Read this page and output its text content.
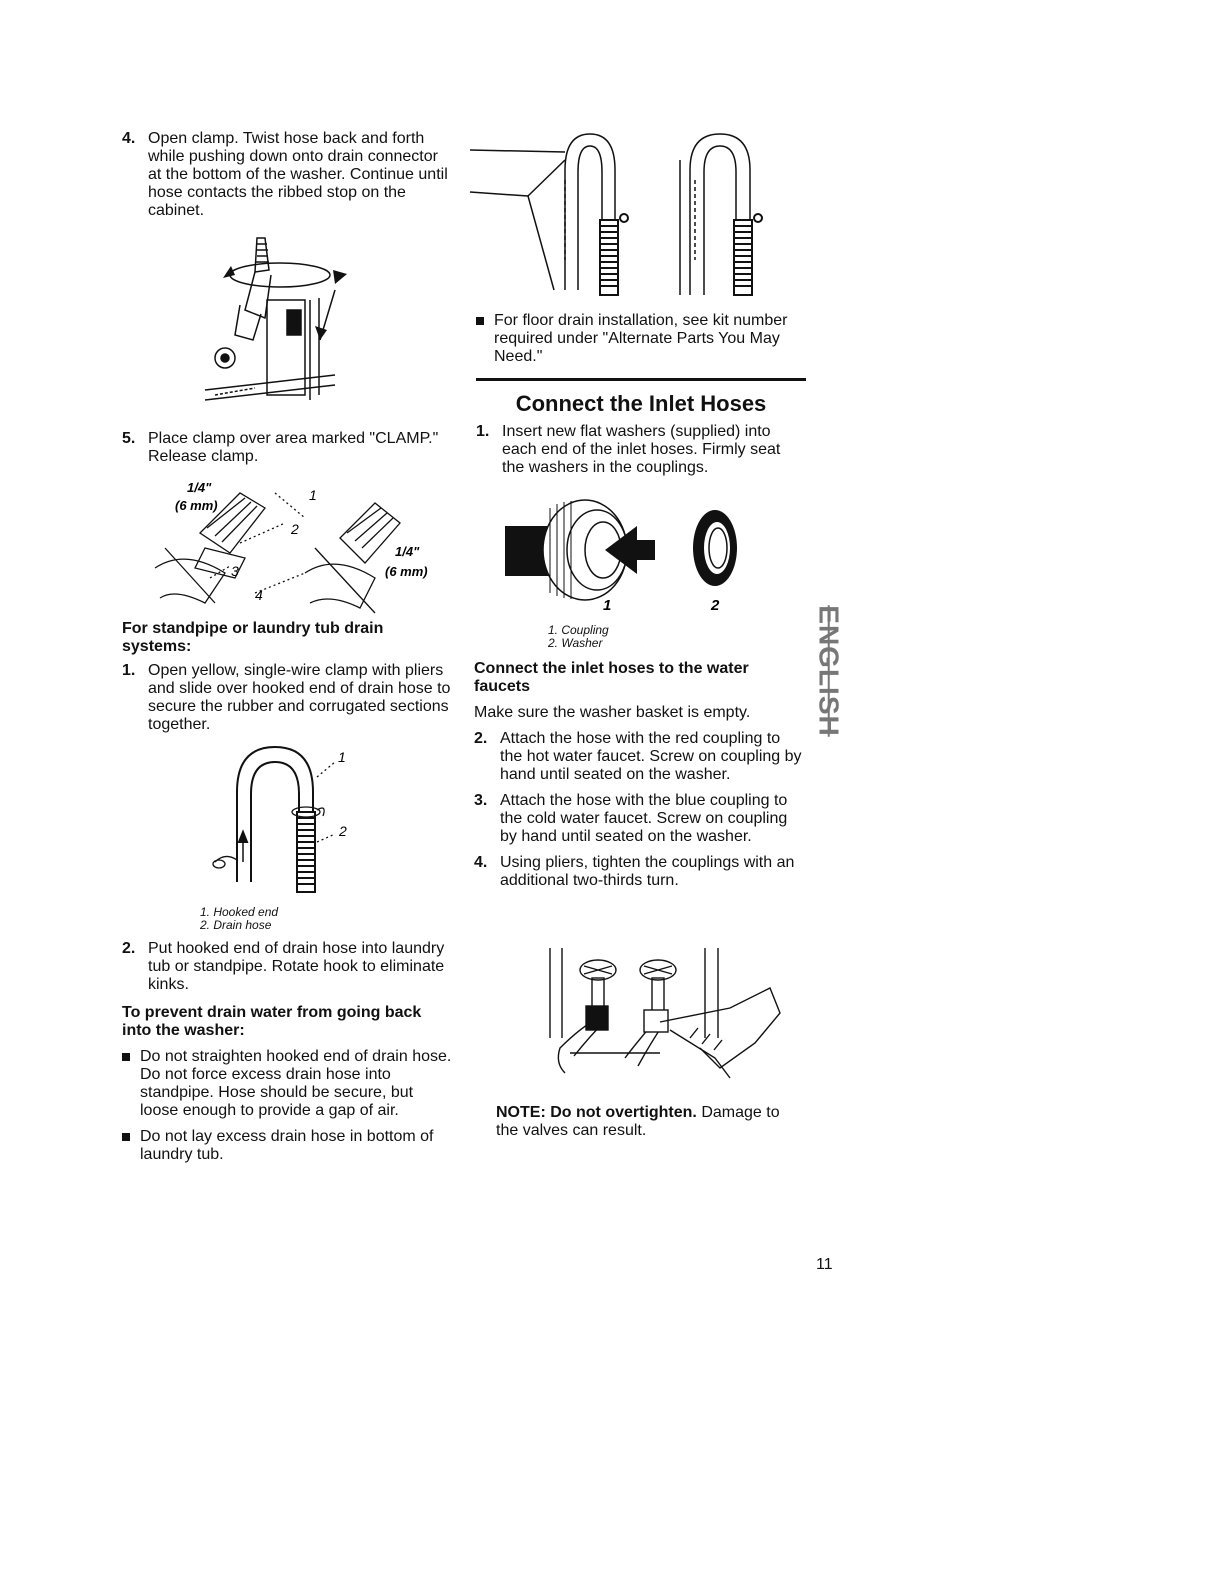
4. Open clamp. Twist hose back and forth while pushing down onto drain connector at the bottom of the washer. Continue until hose contacts the ribbed stop on the cabinet.
5. Place clamp over area marked "CLAMP." Release clamp.
1/4"
(6 mm)
1
2
3
4
1/4"
(6 mm)
For standpipe or laundry tub drain systems:
1. Open yellow, single-wire clamp with pliers and slide over hooked end of drain hose to secure the rubber and corrugated sections together.
1
2
1. Hooked end
2. Drain hose
2. Put hooked end of drain hose into laundry tub or standpipe. Rotate hook to eliminate kinks.
To prevent drain water from going back into the washer:
Do not straighten hooked end of drain hose. Do not force excess drain hose into standpipe. Hose should be secure, but loose enough to provide a gap of air.
Do not lay excess drain hose in bottom of laundry tub.
For floor drain installation, see kit number required under "Alternate Parts You May Need."
Connect the Inlet Hoses
1. Insert new flat washers (supplied) into each end of the inlet hoses. Firmly seat the washers in the couplings.
1	2
1. Coupling
2. Washer
Connect the inlet hoses to the water faucets
Make sure the washer basket is empty.
2. Attach the hose with the red coupling to the hot water faucet. Screw on coupling by hand until seated on the washer.
3. Attach the hose with the blue coupling to the cold water faucet. Screw on coupling by hand until seated on the washer.
4. Using pliers, tighten the couplings with an additional two-thirds turn.
NOTE: Do not overtighten. Damage to the valves can result.
ENGLISH
11
